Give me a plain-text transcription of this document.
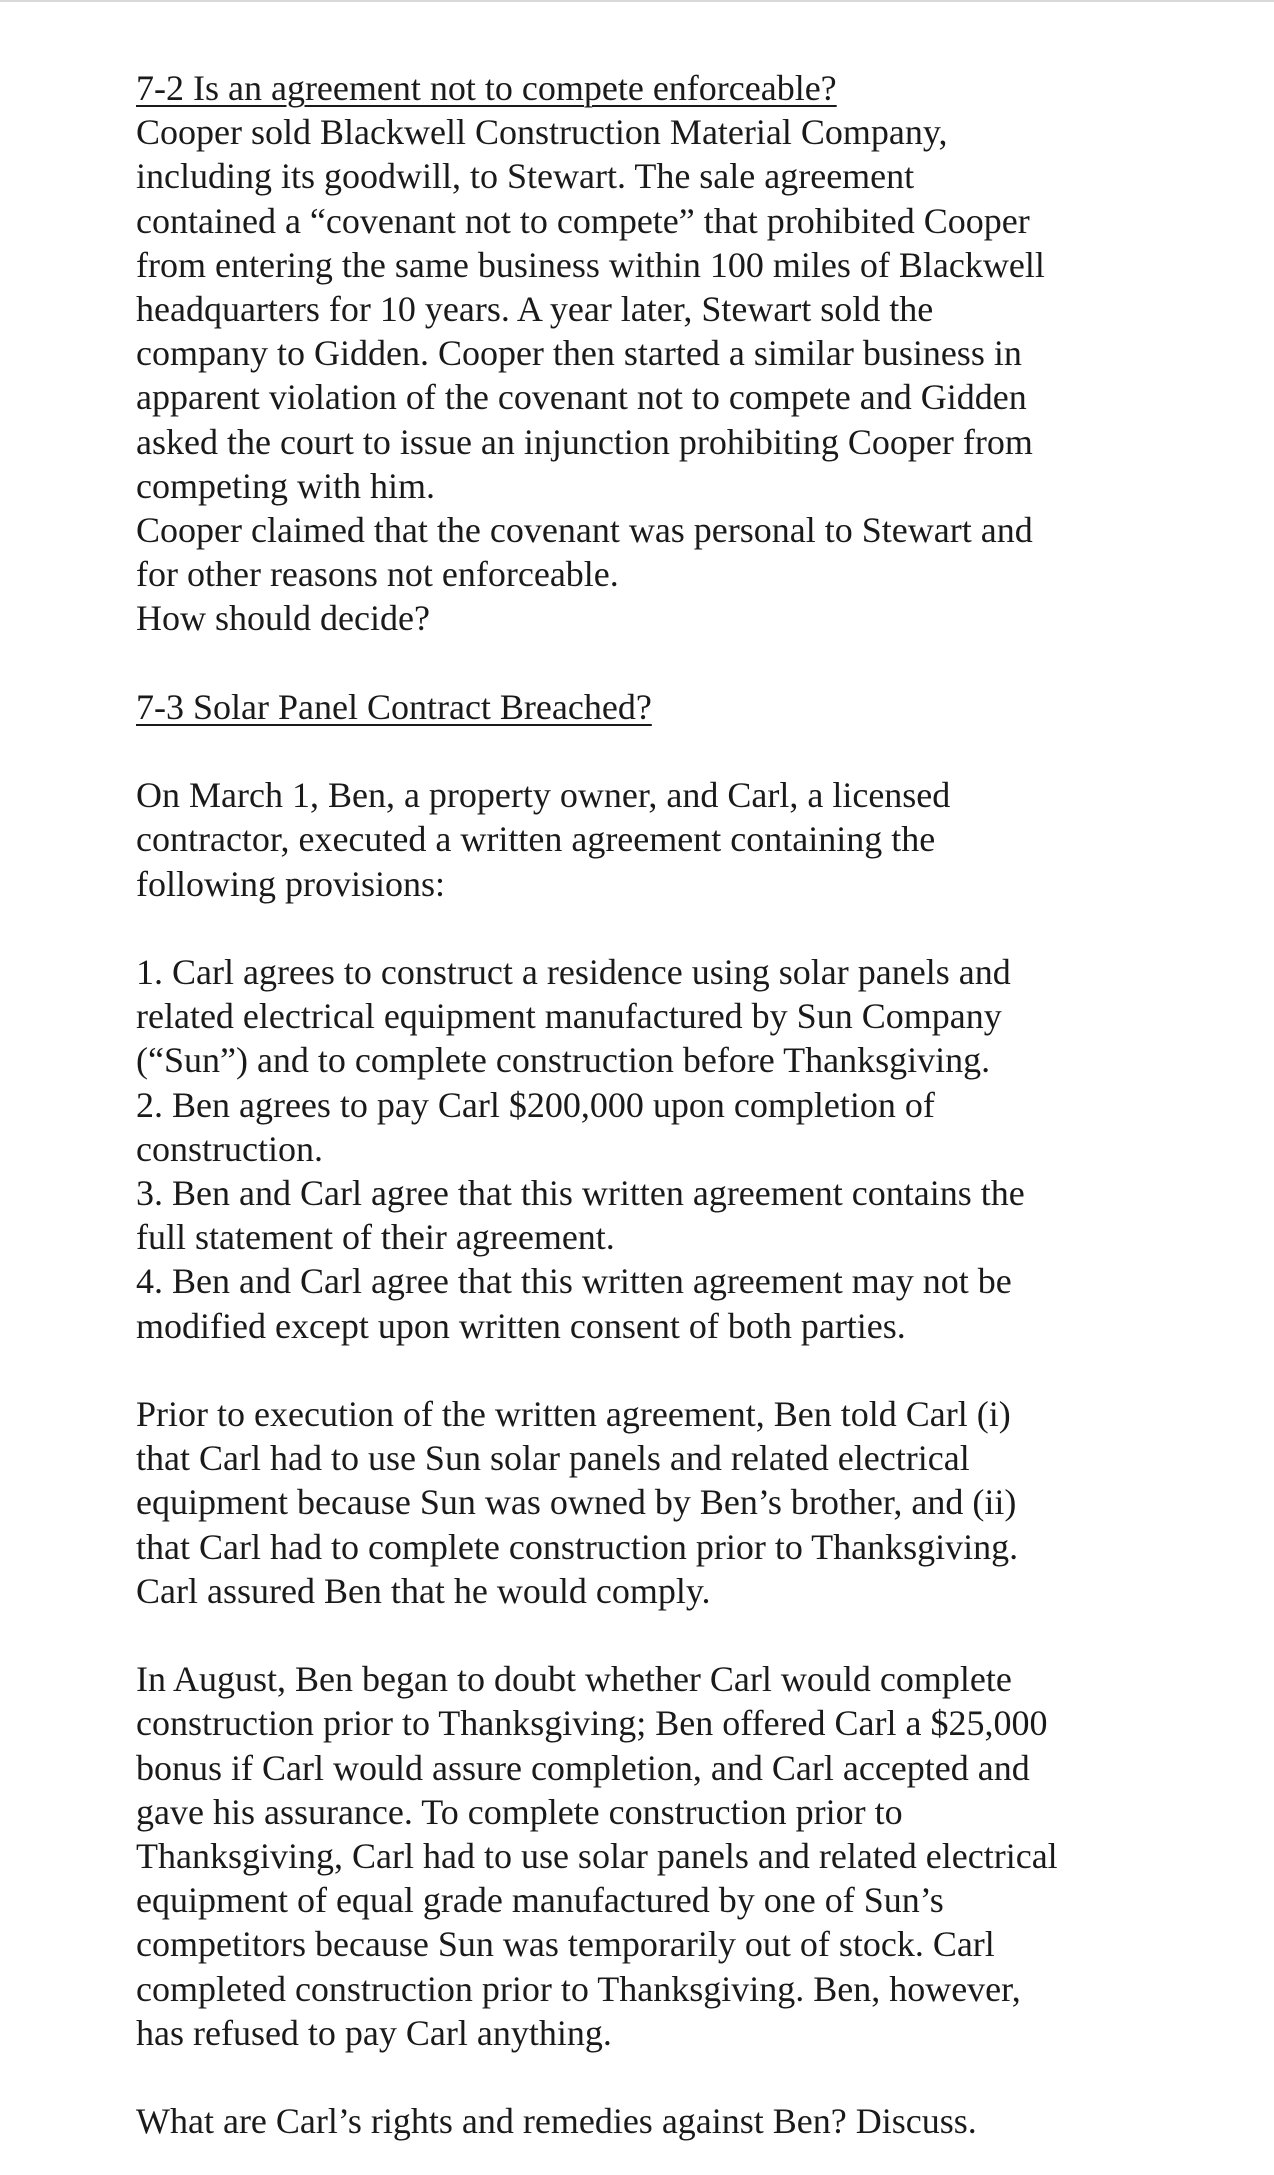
7-2 Is an agreement not to compete enforceable?

Cooper sold Blackwell Construction Material Company,
including its goodwill, to Stewart. The sale agreement
contained a “covenant not to compete” that prohibited Cooper
from entering the same business within 100 miles of Blackwell
headquarters for 10 years. A year later, Stewart sold the
company to Gidden. Cooper then started a similar business in
apparent violation of the covenant not to compete and Gidden
asked the court to issue an injunction prohibiting Cooper from
competing with him.

Cooper claimed that the covenant was personal to Stewart and
for other reasons not enforceable.

How should decide?

7-3 Solar Panel Contract Breached?

On March 1, Ben, a property owner, and Carl, a licensed
contractor, executed a written agreement containing the
following provisions:

1. Carl agrees to construct a residence using solar panels and
related electrical equipment manufactured by Sun Company
(“Sun”) and to complete construction before Thanksgiving.

2. Ben agrees to pay Carl $200,000 upon completion of
construction.

3. Ben and Carl agree that this written agreement contains the
full statement of their agreement.

4. Ben and Carl agree that this written agreement may not be
modified except upon written consent of both parties.

Prior to execution of the written agreement, Ben told Carl (i)
that Carl had to use Sun solar panels and related electrical
equipment because Sun was owned by Ben’s brother, and (ii)
that Carl had to complete construction prior to Thanksgiving.
Carl assured Ben that he would comply.

In August, Ben began to doubt whether Carl would complete
construction prior to Thanksgiving; Ben offered Carl a $25,000
bonus if Carl would assure completion, and Carl accepted and
gave his assurance. To complete construction prior to
Thanksgiving, Carl had to use solar panels and related electrical
equipment of equal grade manufactured by one of Sun’s
competitors because Sun was temporarily out of stock. Carl
completed construction prior to Thanksgiving. Ben, however,
has refused to pay Carl anything.

What are Carl’s rights and remedies against Ben? Discuss.
